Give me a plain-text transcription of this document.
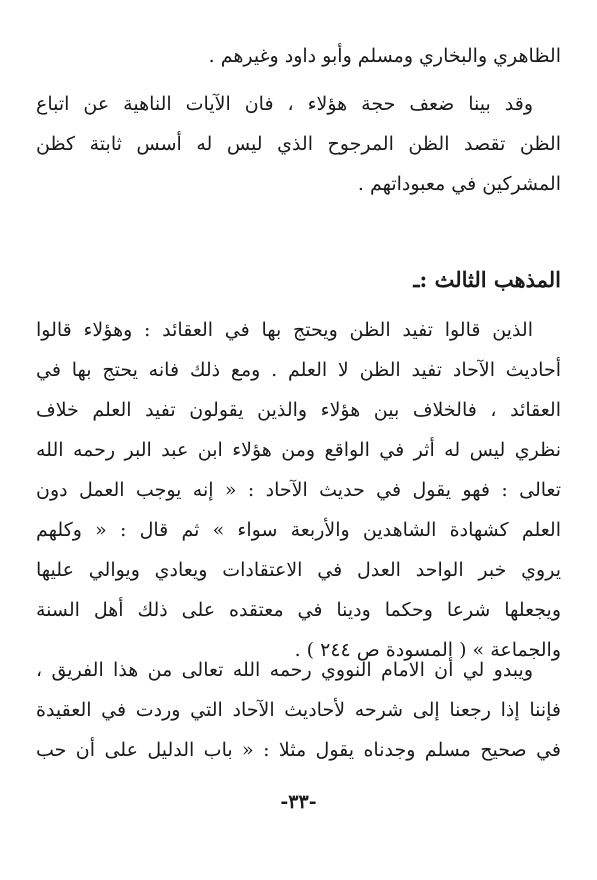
الظاهري والبخاري ومسلم وأبو داود وغيرهم .
وقد بينا ضعف حجة هؤلاء ، فان الآيات الناهية عن اتباع
الظن تقصد الظن المرجوح الذي ليس له أسس ثابتة كظن
المشركين في معبوداتهم .
المذهب الثالث :ـ
الذين قالوا تفيد الظن ويحتج بها في العقائد : وهؤلاء قالوا
أحاديث الآحاد تفيد الظن لا العلم . ومع ذلك فانه يحتج بها في
العقائد ، فالخلاف بين هؤلاء والذين يقولون تفيد العلم خلاف
نظري ليس له أثر في الواقع ومن هؤلاء ابن عبد البر رحمه الله
تعالى : فهو يقول في حديث الآحاد : « إنه يوجب العمل دون
العلم كشهادة الشاهدين والأربعة سواء » ثم قال : « وكلهم
يروي خبر الواحد العدل في الاعتقادات ويعادي ويوالي عليها
ويجعلها شرعا وحكما ودينا في معتقده على ذلك أهل السنة
والجماعة » ( المسودة ص ٢٤٤ ) .
ويبدو لي أن الامام النووي رحمه الله تعالى من هذا الفريق ،
فإننا إذا رجعنا إلى شرحه لأحاديث الآحاد التي وردت في العقيدة
في صحيح مسلم وجدناه يقول مثلا : « باب الدليل على أن حب
-٣٣-
